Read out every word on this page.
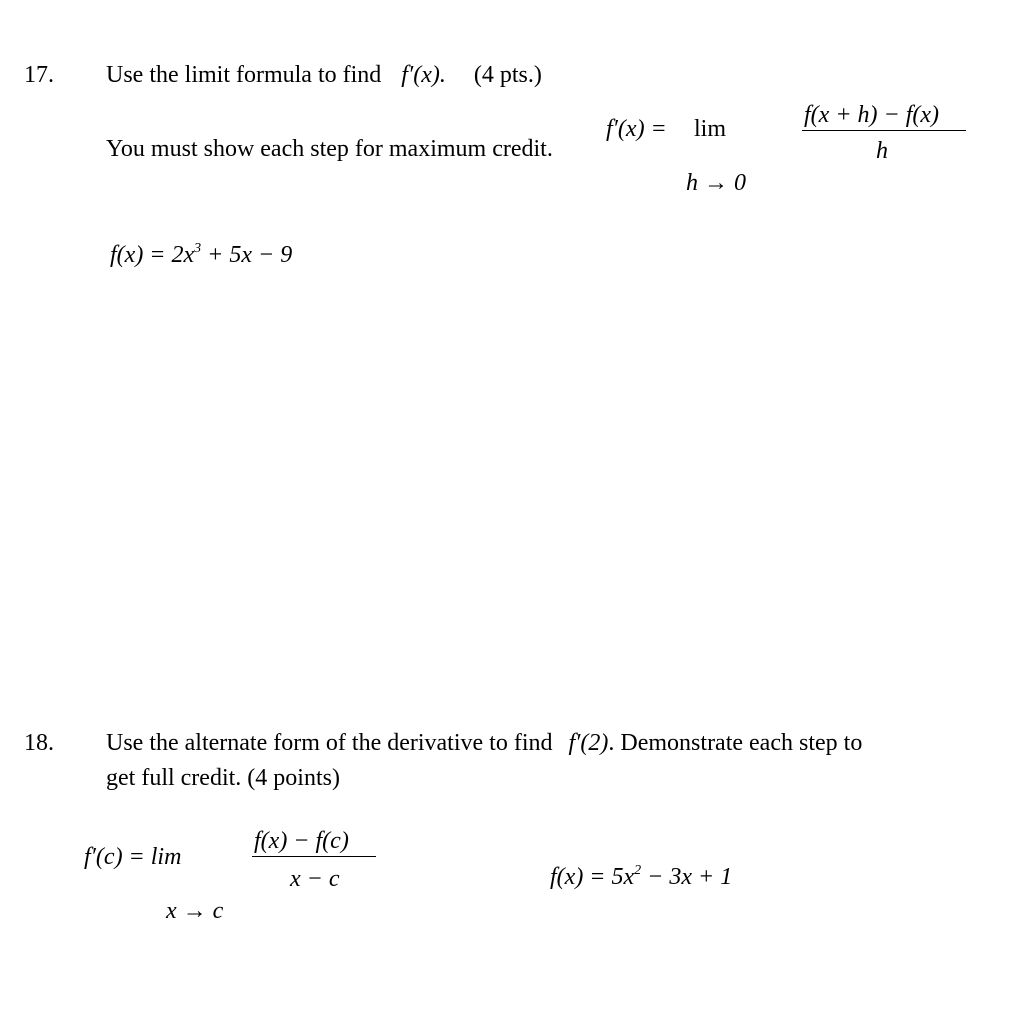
17. Use the limit formula to find f′(x). (4 pts.)
You must show each step for maximum credit.
f′(x) = lim
f(x + h) − f(x)
h
h → 0
$f(x) = 2x^3 + 5x - 9$
18. Use the alternate form of the derivative to find f′(2). Demonstrate each step to
get full credit. (4 points)
f′(c) = lim
f(x) − f(c)
x − c
x → c
$f(x) = 5x^2 - 3x + 1$
